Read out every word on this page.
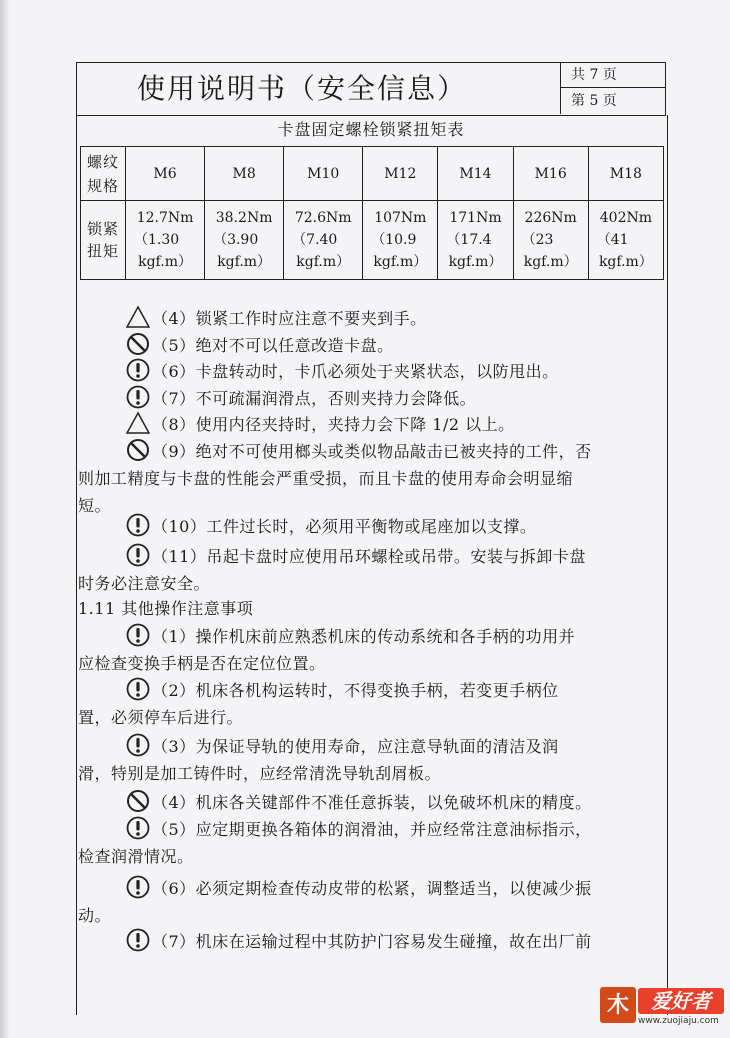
使用说明书（安全信息）	共 7 页
第 5 页
卡盘固定螺栓锁紧扭矩表
螺纹规格	M6	M8	M10	M12	M14	M16	M18
锁紧扭矩	12.7Nm
（1.30
kgf.m）	38.2Nm
（3.90
kgf.m）	72.6Nm
（7.40
kgf.m）	107Nm
（10.9
kgf.m）	171Nm
（17.4
kgf.m）	226Nm
（23
kgf.m）	402Nm
（41
kgf.m）
（4）锁紧工作时应注意不要夹到手。
（5）绝对不可以任意改造卡盘。
（6）卡盘转动时，卡爪必须处于夹紧状态，以防甩出。
（7）不可疏漏润滑点，否则夹持力会降低。
（8）使用内径夹持时，夹持力会下降 1/2 以上。
（9）绝对不可使用榔头或类似物品敲击已被夹持的工件，否
则加工精度与卡盘的性能会严重受损，而且卡盘的使用寿命会明显缩
短。
（10）工件过长时，必须用平衡物或尾座加以支撑。
（11）吊起卡盘时应使用吊环螺栓或吊带。安装与拆卸卡盘
时务必注意安全。
1.11 其他操作注意事项
（1）操作机床前应熟悉机床的传动系统和各手柄的功用并
应检查变换手柄是否在定位位置。
（2）机床各机构运转时，不得变换手柄，若变更手柄位
置，必须停车后进行。
（3）为保证导轨的使用寿命，应注意导轨面的清洁及润
滑，特别是加工铸件时，应经常清洗导轨刮屑板。
（4）机床各关键部件不准任意拆装，以免破坏机床的精度。
（5）应定期更换各箱体的润滑油，并应经常注意油标指示，
检查润滑情况。
（6）必须定期检查传动皮带的松紧，调整适当，以使减少振
动。
（7）机床在运输过程中其防护门容易发生碰撞，故在出厂前
木	爱好者
www.zuojiaju.com
